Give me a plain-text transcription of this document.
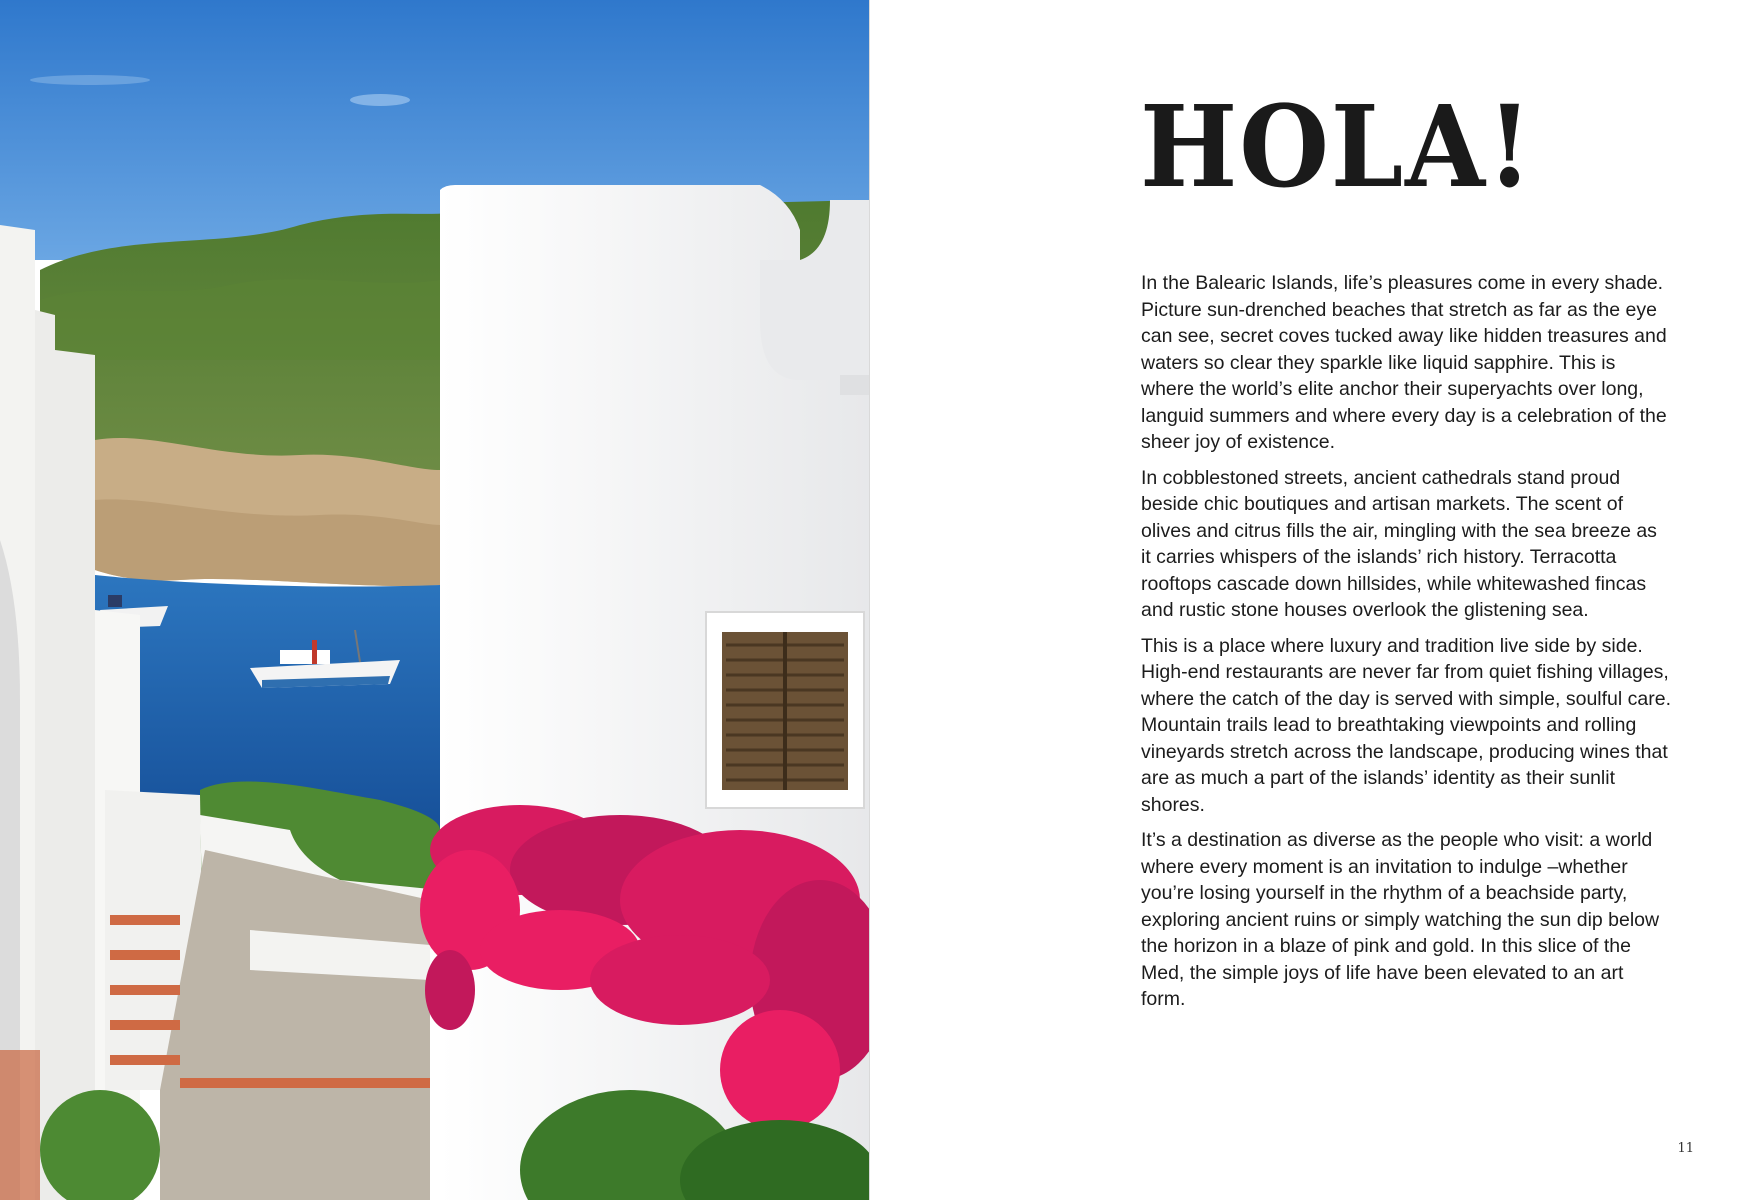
HOLA!

In the Balearic Islands, life’s pleasures come in every shade. Picture sun-drenched beaches that stretch as far as the eye can see, secret coves tucked away like hidden treasures and waters so clear they sparkle like liquid sapphire. This is where the world’s elite anchor their superyachts over long, languid summers and where every day is a celebration of the sheer joy of existence.

In cobblestoned streets, ancient cathedrals stand proud beside chic boutiques and artisan markets. The scent of olives and citrus fills the air, mingling with the sea breeze as it carries whispers of the islands’ rich history. Terracotta rooftops cascade down hillsides, while whitewashed fincas and rustic stone houses overlook the glistening sea.

This is a place where luxury and tradition live side by side. High-end restaurants are never far from quiet fishing villages, where the catch of the day is served with simple, soulful care. Mountain trails lead to breathtaking viewpoints and rolling vineyards stretch across the landscape, producing wines that are as much a part of the islands’ identity as their sunlit shores.

It’s a destination as diverse as the people who visit: a world where every moment is an invitation to indulge –whether you’re losing yourself in the rhythm of a beachside party, exploring ancient ruins or simply watching the sun dip below the horizon in a blaze of pink and gold. In this slice of the Med, the simple joys of life have been elevated to an art form.

11
